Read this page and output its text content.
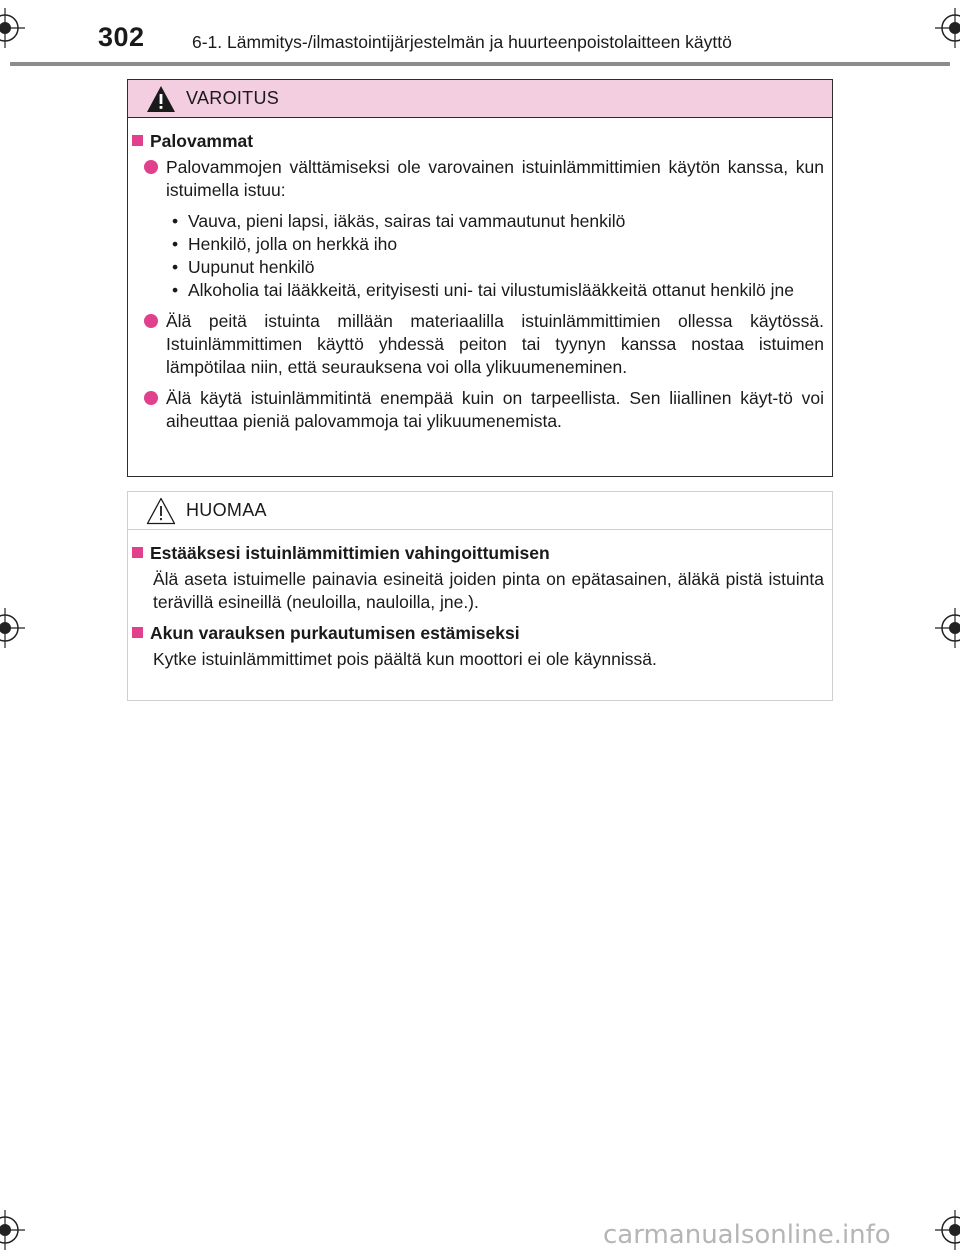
302	6-1. Lämmitys-/ilmastointijärjestelmän ja huurteenpoistolaitteen käyttö
VAROITUS
Palovammat
Palovammojen välttämiseksi ole varovainen istuinlämmittimien käytön kanssa, kun istuimella istuu:
• Vauva, pieni lapsi, iäkäs, sairas tai vammautunut henkilö
• Henkilö, jolla on herkkä iho
• Uupunut henkilö
• Alkoholia tai lääkkeitä, erityisesti uni- tai vilustumislääkkeitä ottanut henkilö jne
Älä peitä istuinta millään materiaalilla istuinlämmittimien ollessa käytössä. Istuinlämmittimen käyttö yhdessä peiton tai tyynyn kanssa nostaa istuimen lämpötilaa niin, että seurauksena voi olla ylikuumeneminen.
Älä käytä istuinlämmitintä enempää kuin on tarpeellista. Sen liiallinen käyt-tö voi aiheuttaa pieniä palovammoja tai ylikuumenemista.
HUOMAA
Estääksesi istuinlämmittimien vahingoittumisen
Älä aseta istuimelle painavia esineitä joiden pinta on epätasainen, äläkä pistä istuinta terävillä esineillä (neuloilla, nauloilla, jne.).
Akun varauksen purkautumisen estämiseksi
Kytke istuinlämmittimet pois päältä kun moottori ei ole käynnissä.
carmanualsonline.info
